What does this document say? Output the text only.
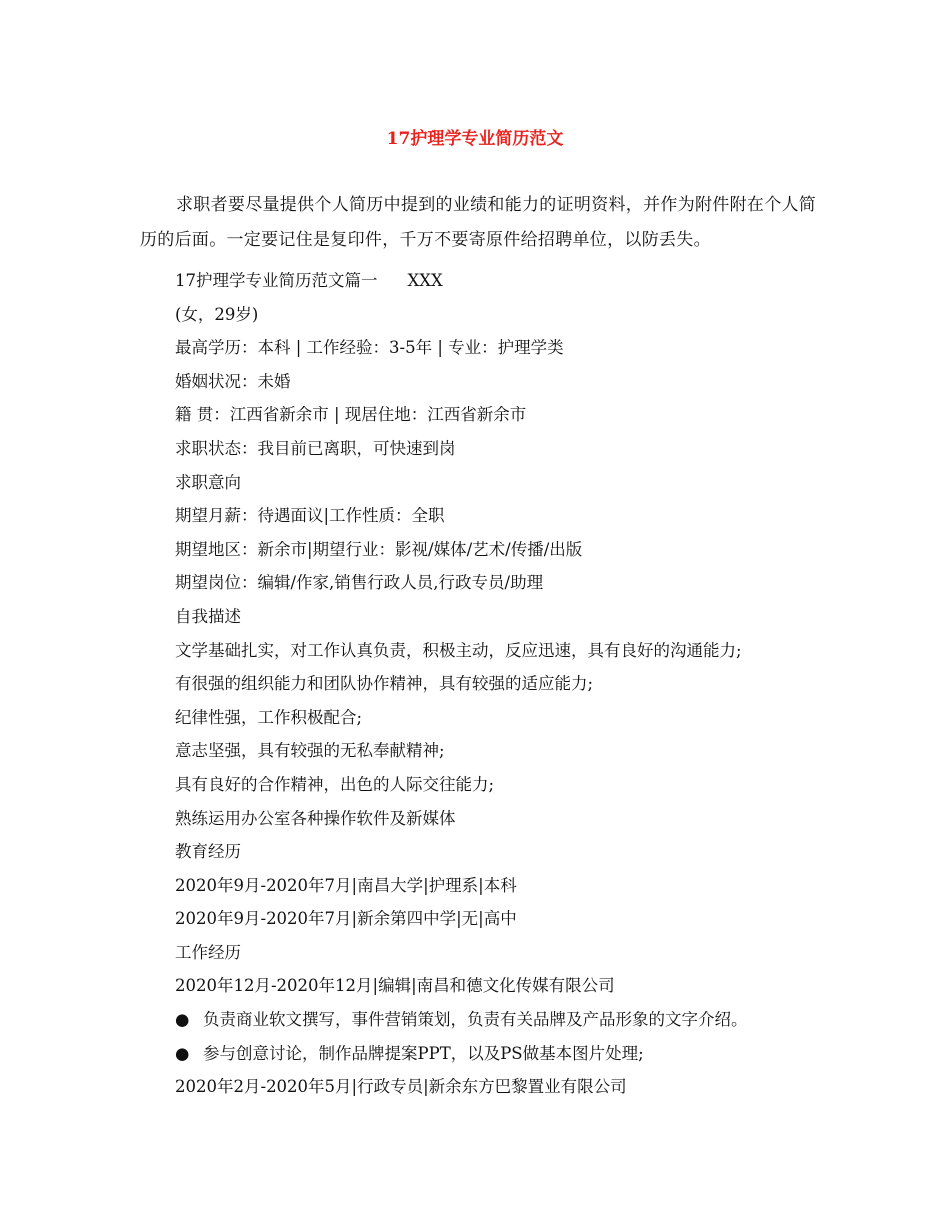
17护理学专业简历范文

求职者要尽量提供个人简历中提到的业绩和能力的证明资料，并作为附件附在个人简历的后面。一定要记住是复印件，千万不要寄原件给招聘单位，以防丢失。

17护理学专业简历范文篇一 XXX
(女，29岁)
最高学历：本科 | 工作经验：3-5年 | 专业：护理学类
婚姻状况：未婚
籍 贯：江西省新余市 | 现居住地：江西省新余市
求职状态：我目前已离职，可快速到岗
求职意向
期望月薪：待遇面议|工作性质：全职
期望地区：新余市|期望行业：影视/媒体/艺术/传播/出版
期望岗位：编辑/作家,销售行政人员,行政专员/助理
自我描述
文学基础扎实，对工作认真负责，积极主动，反应迅速，具有良好的沟通能力;
有很强的组织能力和团队协作精神，具有较强的适应能力;
纪律性强，工作积极配合;
意志坚强，具有较强的无私奉献精神;
具有良好的合作精神，出色的人际交往能力;
熟练运用办公室各种操作软件及新媒体
教育经历
2020年9月-2020年7月|南昌大学|护理系|本科
2020年9月-2020年7月|新余第四中学|无|高中
工作经历
2020年12月-2020年12月|编辑|南昌和德文化传媒有限公司
● 负责商业软文撰写，事件营销策划，负责有关品牌及产品形象的文字介绍。
● 参与创意讨论，制作品牌提案PPT，以及PS做基本图片处理;
2020年2月-2020年5月|行政专员|新余东方巴黎置业有限公司
